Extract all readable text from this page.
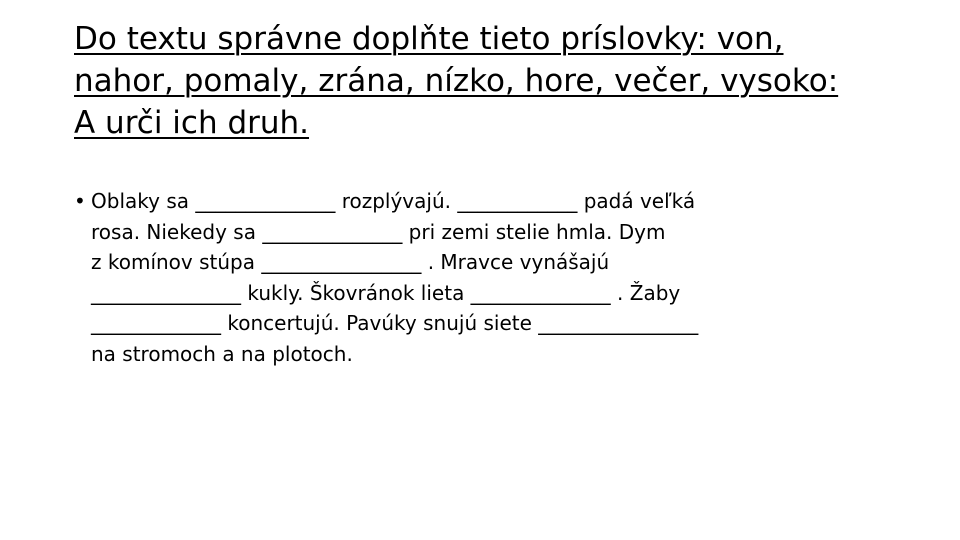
Do textu správne doplňte tieto príslovky: von,
nahor, pomaly, zrána, nízko, hore, večer, vysoko:
A urči ich druh.
• Oblaky sa ______________ rozplývajú. ____________ padá veľká
rosa. Niekedy sa ______________ pri zemi stelie hmla. Dym
z komínov stúpa ________________ . Mravce vynášajú
_______________ kukly. Škovránok lieta ______________ . Žaby
_____________ koncertujú. Pavúky snujú siete ________________
na stromoch a na plotoch.
